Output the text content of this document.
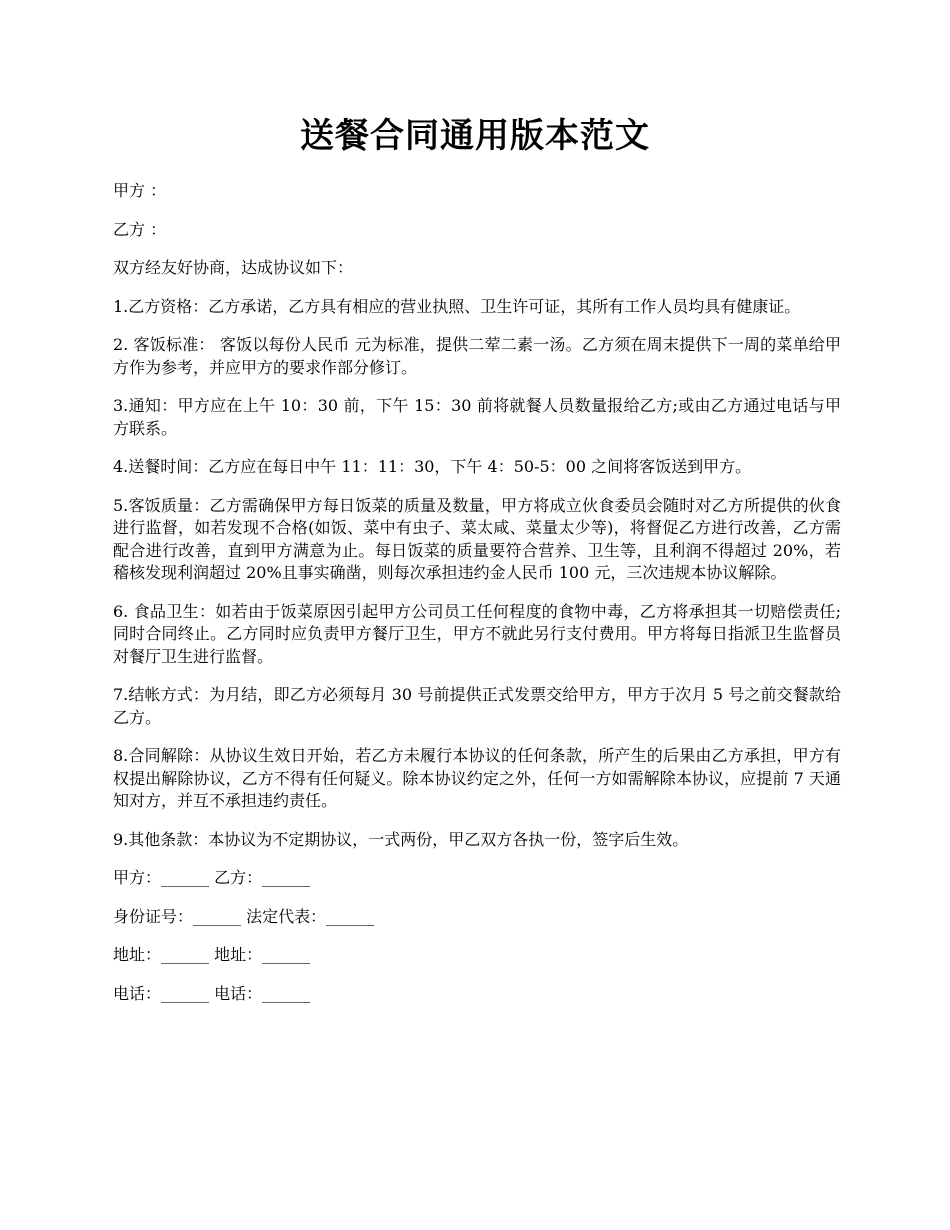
送餐合同通用版本范文

甲方 ：

乙方 ：

双方经友好协商，达成协议如下：

1.乙方资格：乙方承诺，乙方具有相应的营业执照、卫生许可证，其所有工作人员均具有健康证。

2. 客饭标准： 客饭以每份人民币 元为标准，提供二荤二素一汤。乙方须在周末提供下一周的菜单给甲方作为参考，并应甲方的要求作部分修订。

3.通知：甲方应在上午 10：30 前，下午 15：30 前将就餐人员数量报给乙方;或由乙方通过电话与甲方联系。

4.送餐时间：乙方应在每日中午 11：11：30，下午 4：50-5：00 之间将客饭送到甲方。

5.客饭质量：乙方需确保甲方每日饭菜的质量及数量，甲方将成立伙食委员会随时对乙方所提供的伙食进行监督，如若发现不合格(如饭、菜中有虫子、菜太咸、菜量太少等)，将督促乙方进行改善，乙方需配合进行改善，直到甲方满意为止。每日饭菜的质量要符合营养、卫生等，且利润不得超过 20%，若稽核发现利润超过 20%且事实确凿，则每次承担违约金人民币 100 元，三次违规本协议解除。

6. 食品卫生：如若由于饭菜原因引起甲方公司员工任何程度的食物中毒，乙方将承担其一切赔偿责任;同时合同终止。乙方同时应负责甲方餐厅卫生，甲方不就此另行支付费用。甲方将每日指派卫生监督员对餐厅卫生进行监督。

7.结帐方式：为月结，即乙方必须每月 30 号前提供正式发票交给甲方，甲方于次月 5 号之前交餐款给乙方。

8.合同解除：从协议生效日开始，若乙方未履行本协议的任何条款，所产生的后果由乙方承担，甲方有权提出解除协议，乙方不得有任何疑义。除本协议约定之外，任何一方如需解除本协议，应提前 7 天通知对方，并互不承担违约责任。

9.其他条款：本协议为不定期协议，一式两份，甲乙双方各执一份，签字后生效。

甲方：______ 乙方：______

身份证号：______ 法定代表：______

地址：______ 地址：______

电话：______ 电话：______
